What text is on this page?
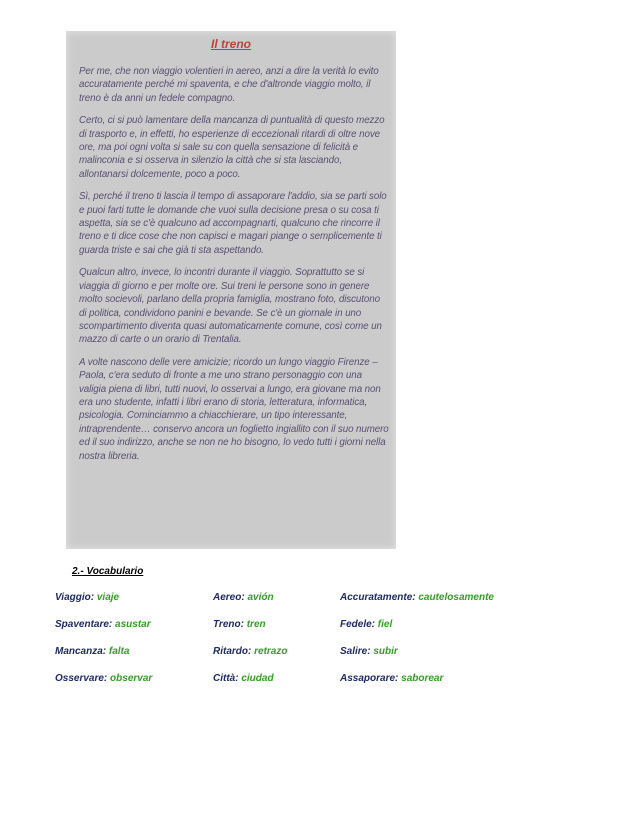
Il treno

Per me, che non viaggio volentieri in aereo, anzi a dire la verità lo evito accuratamente perché mi spaventa, e che d'altronde viaggio molto, il treno è da anni un fedele compagno.

Certo, ci si può lamentare della mancanza di puntualità di questo mezzo di trasporto e, in effetti, ho esperienze di eccezionali ritardi di oltre nove ore, ma poi ogni volta si sale su con quella sensazione di felicità e malinconia e si osserva in silenzio la città che si sta lasciando, allontanarsi dolcemente, poco a poco.

Sì, perché il treno ti lascia il tempo di assaporare l'addio, sia se parti solo e puoi farti tutte le domande che vuoi sulla decisione presa o su cosa ti aspetta, sia se c'è qualcuno ad accompagnarti, qualcuno che rincorre il treno e ti dice cose che non capisci e magari piange o semplicemente ti guarda triste e sai che già ti sta aspettando.

Qualcun altro, invece, lo incontri durante il viaggio. Soprattutto se si viaggia di giorno e per molte ore. Sui treni le persone sono in genere molto socievoli, parlano della propria famiglia, mostrano foto, discutono di politica, condividono panini e bevande. Se c'è un giornale in uno scompartimento diventa quasi automaticamente comune, così come un mazzo di carte o un orario di Trentalia.

A volte nascono delle vere amicizie; ricordo un lungo viaggio Firenze – Paola, c'era seduto di fronte a me uno strano personaggio con una valigia piena di libri, tutti nuovi, lo osservai a lungo, era giovane ma non era uno studente, infatti i libri erano di storia, letteratura, informatica, psicologia. Cominciammo a chiacchierare, un tipo interessante, intraprendente… conservo ancora un foglietto ingiallito con il suo numero ed il suo indirizzo, anche se non ne ho bisogno, lo vedo tutti i giorni nella nostra libreria.

2.- Vocabulario
Viaggio: viaje	Aereo: avión	Accuratamente: cautelosamente
Spaventare: asustar	Treno: tren	Fedele: fiel
Mancanza: falta	Ritardo: retrazo	Salire: subir
Osservare: observar	Città: ciudad	Assaporare: saborear
